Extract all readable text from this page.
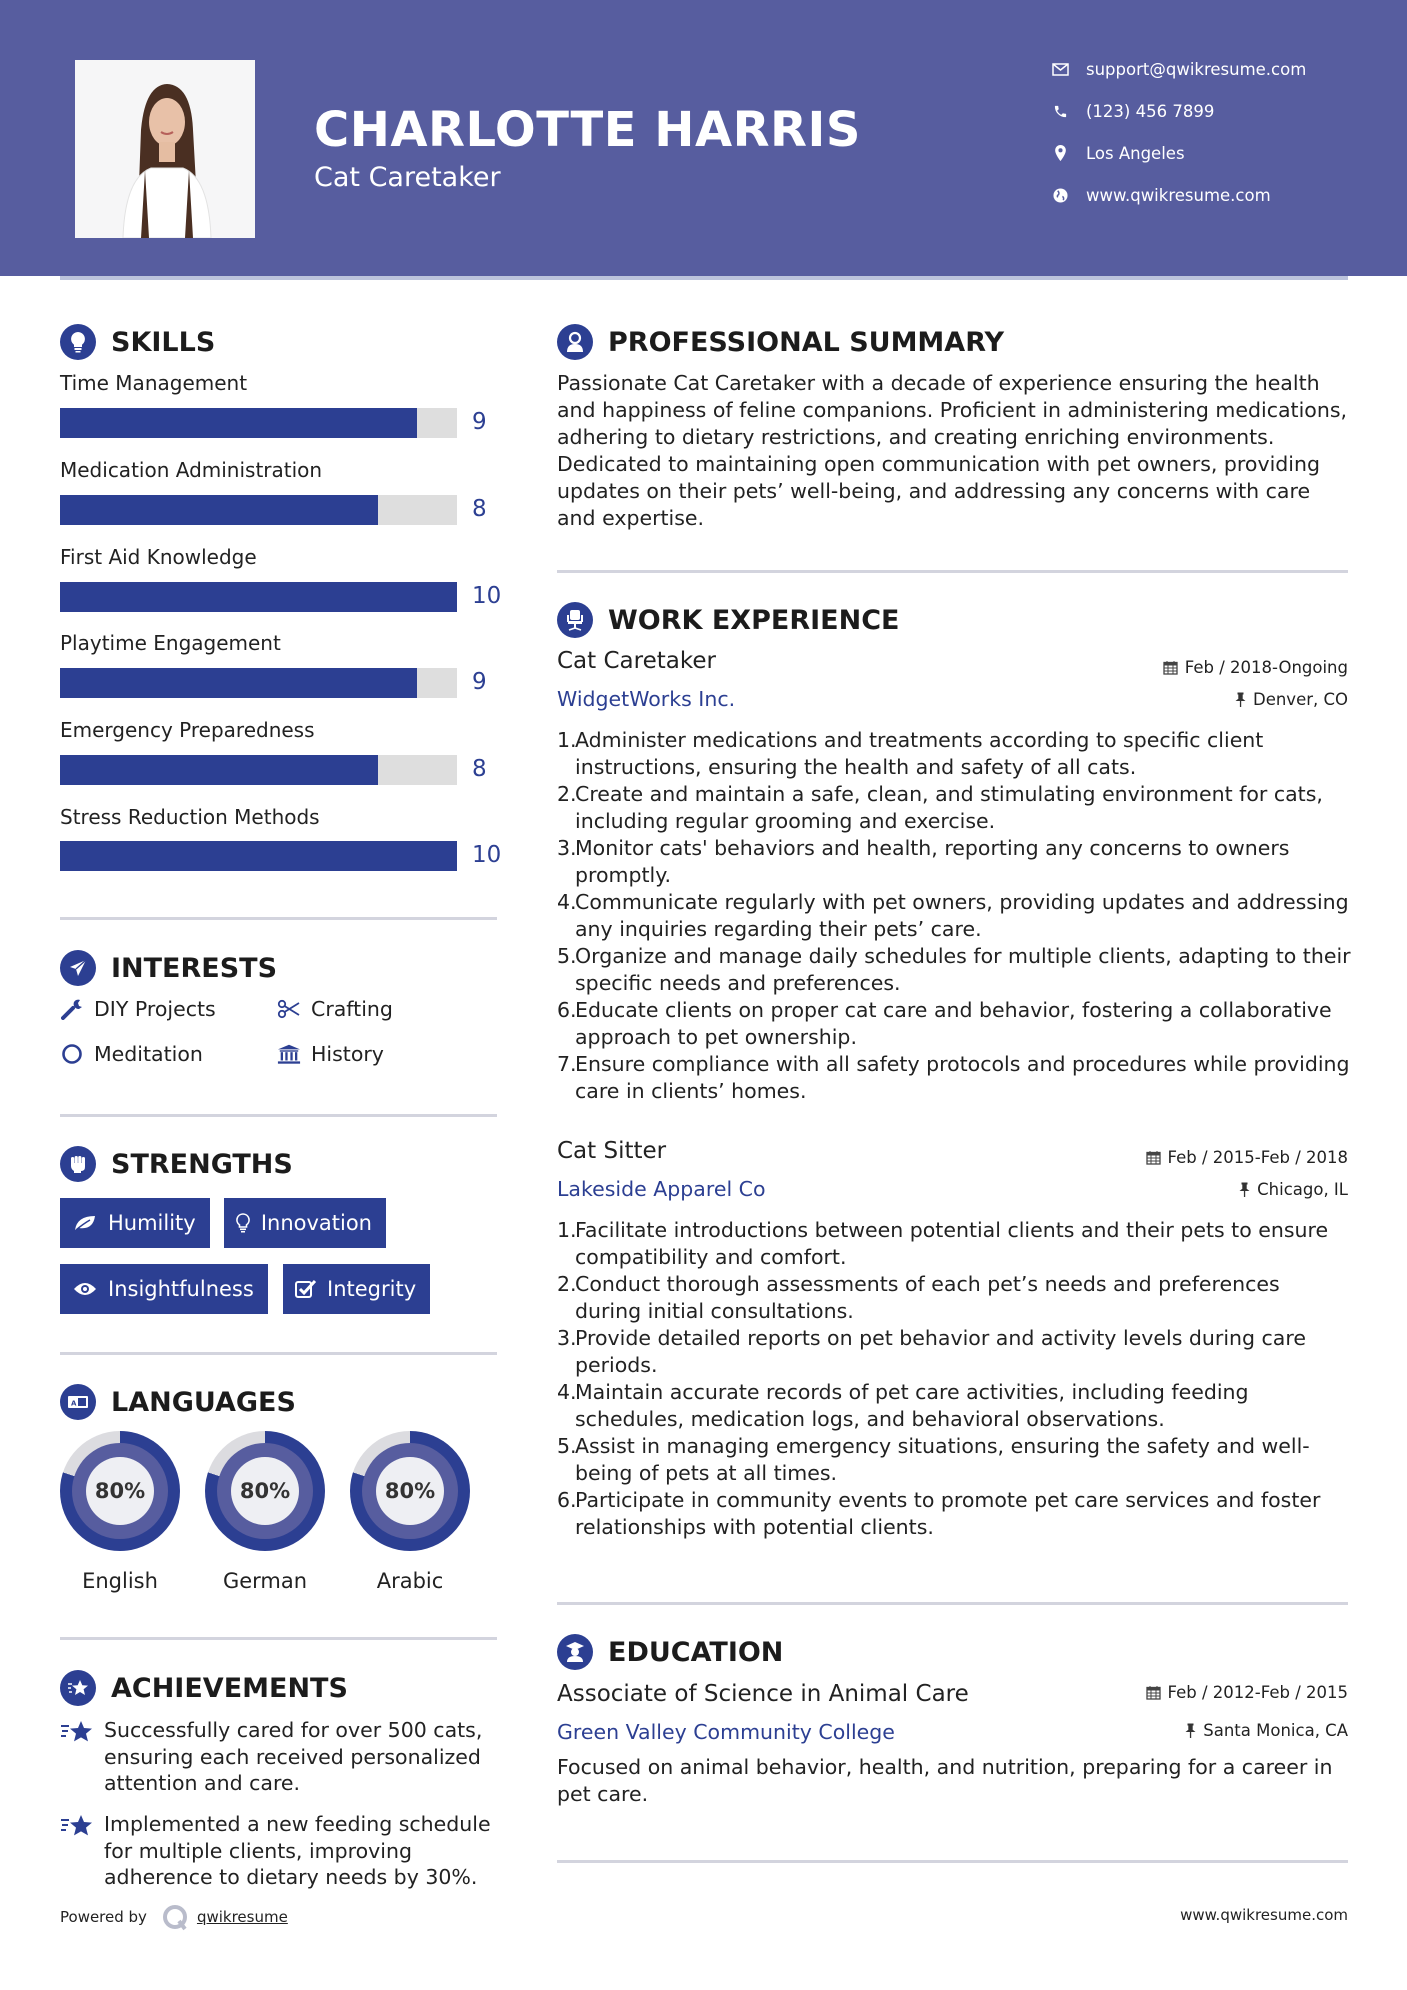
CHARLOTTE HARRIS
Cat Caretaker
support@qwikresume.com
(123) 456 7899
Los Angeles
www.qwikresume.com
SKILLS
Time Management
9
Medication Administration
8
First Aid Knowledge
10
Playtime Engagement
9
Emergency Preparedness
8
Stress Reduction Methods
10
INTERESTS
DIY Projects	Crafting
Meditation	History
STRENGTHS
Humility	Innovation
Insightfulness	Integrity
A LANGUAGES
80%
English
80%
German
80%
Arabic
ACHIEVEMENTS
Successfully cared for over 500 cats, ensuring each received personalized attention and care.
Implemented a new feeding schedule for multiple clients, improving adherence to dietary needs by 30%.
PROFESSIONAL SUMMARY
Passionate Cat Caretaker with a decade of experience ensuring the health and happiness of feline companions. Proficient in administering medications, adhering to dietary restrictions, and creating enriching environments. Dedicated to maintaining open communication with pet owners, providing updates on their pets’ well-being, and addressing any concerns with care and expertise.
WORK EXPERIENCE
Cat Caretaker	Feb / 2018-Ongoing
WidgetWorks Inc.	Denver, CO
1.
Administer medications and treatments according to specific client instructions, ensuring the health and safety of all cats.
2.
Create and maintain a safe, clean, and stimulating environment for cats, including regular grooming and exercise.
3.
Monitor cats' behaviors and health, reporting any concerns to owners promptly.
4.
Communicate regularly with pet owners, providing updates and addressing any inquiries regarding their pets’ care.
5.
Organize and manage daily schedules for multiple clients, adapting to their specific needs and preferences.
6.
Educate clients on proper cat care and behavior, fostering a collaborative approach to pet ownership.
7.
Ensure compliance with all safety protocols and procedures while providing care in clients’ homes.
Cat Sitter	Feb / 2015-Feb / 2018
Lakeside Apparel Co	Chicago, IL
1.
Facilitate introductions between potential clients and their pets to ensure compatibility and comfort.
2.
Conduct thorough assessments of each pet’s needs and preferences during initial consultations.
3.
Provide detailed reports on pet behavior and activity levels during care periods.
4.
Maintain accurate records of pet care activities, including feeding schedules, medication logs, and behavioral observations.
5.
Assist in managing emergency situations, ensuring the safety and well-being of pets at all times.
6.
Participate in community events to promote pet care services and foster relationships with potential clients.
EDUCATION
Associate of Science in Animal Care	Feb / 2012-Feb / 2015
Green Valley Community College	Santa Monica, CA
Focused on animal behavior, health, and nutrition, preparing for a career in pet care.
Powered by	qwikresume	www.qwikresume.com
